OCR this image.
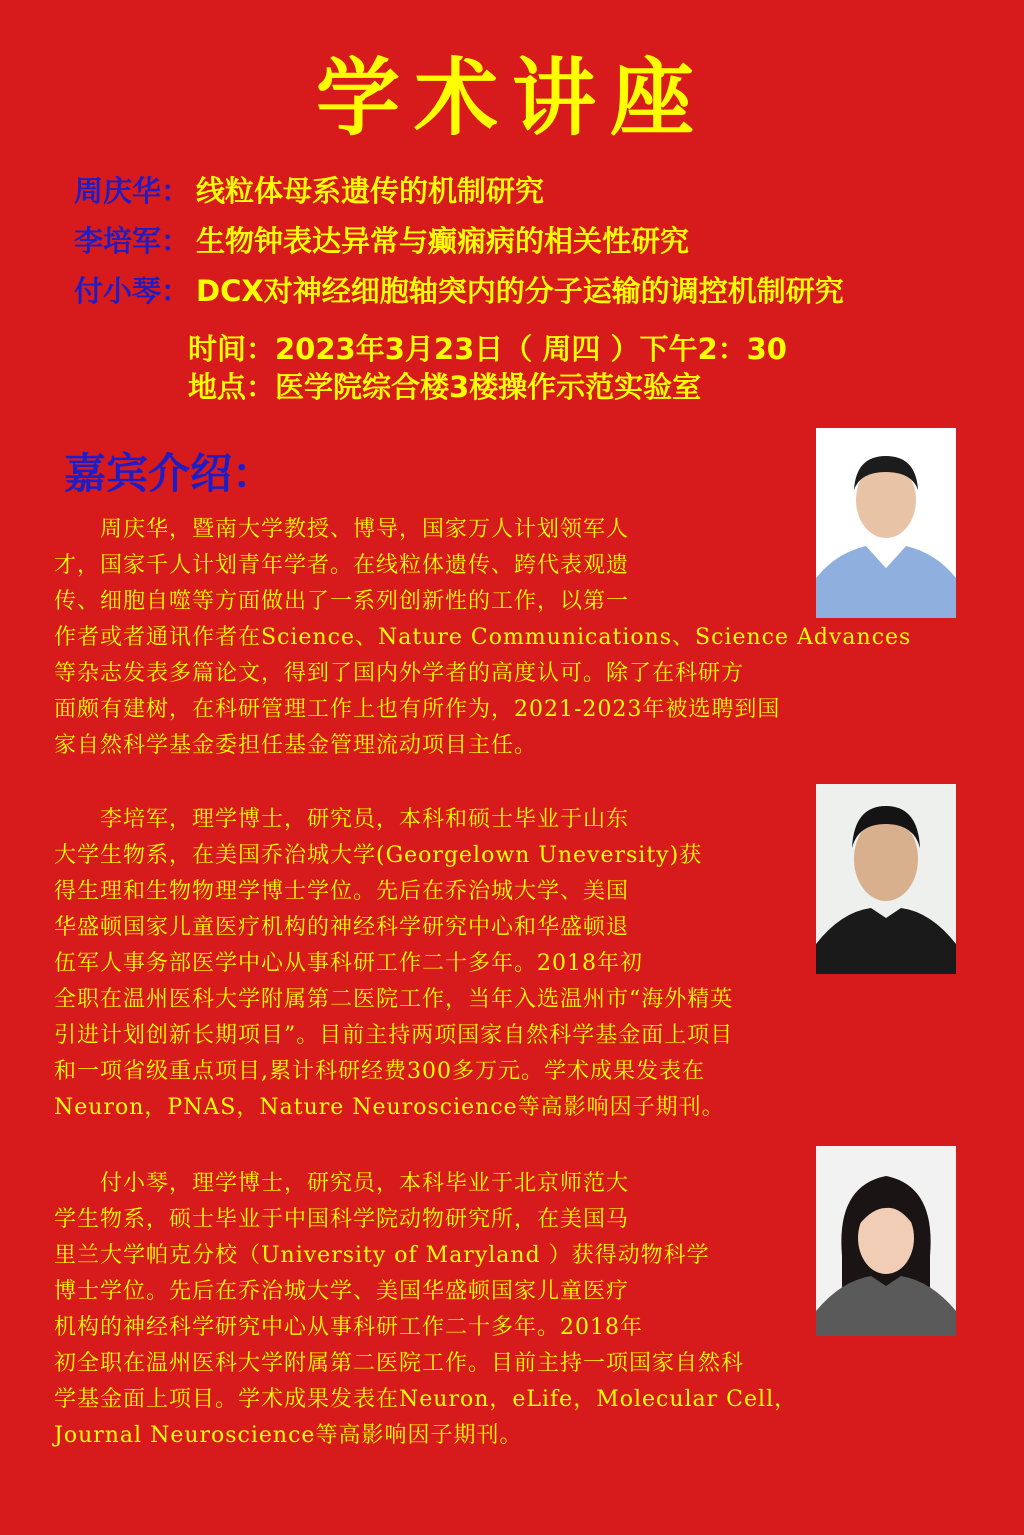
学术讲座
周庆华： 线粒体母系遗传的机制研究
李培军： 生物钟表达异常与癫痫病的相关性研究
付小琴： DCX对神经细胞轴突内的分子运输的调控机制研究
时间：2023年3月23日（ 周四 ）下午2：30
地点：医学院综合楼3楼操作示范实验室
嘉宾介绍：
　　周庆华，暨南大学教授、博导，国家万人计划领军人
才，国家千人计划青年学者。在线粒体遗传、跨代表观遗
传、细胞自噬等方面做出了一系列创新性的工作，以第一
作者或者通讯作者在Science、Nature Communications、Science Advances
等杂志发表多篇论文，得到了国内外学者的高度认可。除了在科研方
面颇有建树，在科研管理工作上也有所作为，2021-2023年被选聘到国
家自然科学基金委担任基金管理流动项目主任。
　　李培军，理学博士，研究员，本科和硕士毕业于山东
大学生物系，在美国乔治城大学(Georgelown Uneversity)获
得生理和生物物理学博士学位。先后在乔治城大学、美国
华盛顿国家儿童医疗机构的神经科学研究中心和华盛顿退
伍军人事务部医学中心从事科研工作二十多年。2018年初
全职在温州医科大学附属第二医院工作，当年入选温州市“海外精英
引进计划创新长期项目”。目前主持两项国家自然科学基金面上项目
和一项省级重点项目,累计科研经费300多万元。学术成果发表在
Neuron，PNAS，Nature Neuroscience等高影响因子期刊。
　　付小琴，理学博士，研究员，本科毕业于北京师范大
学生物系，硕士毕业于中国科学院动物研究所，在美国马
里兰大学帕克分校（University of Maryland ）获得动物科学
博士学位。先后在乔治城大学、美国华盛顿国家儿童医疗
机构的神经科学研究中心从事科研工作二十多年。2018年
初全职在温州医科大学附属第二医院工作。目前主持一项国家自然科
学基金面上项目。学术成果发表在Neuron，eLife，Molecular Cell，
Journal Neuroscience等高影响因子期刊。
